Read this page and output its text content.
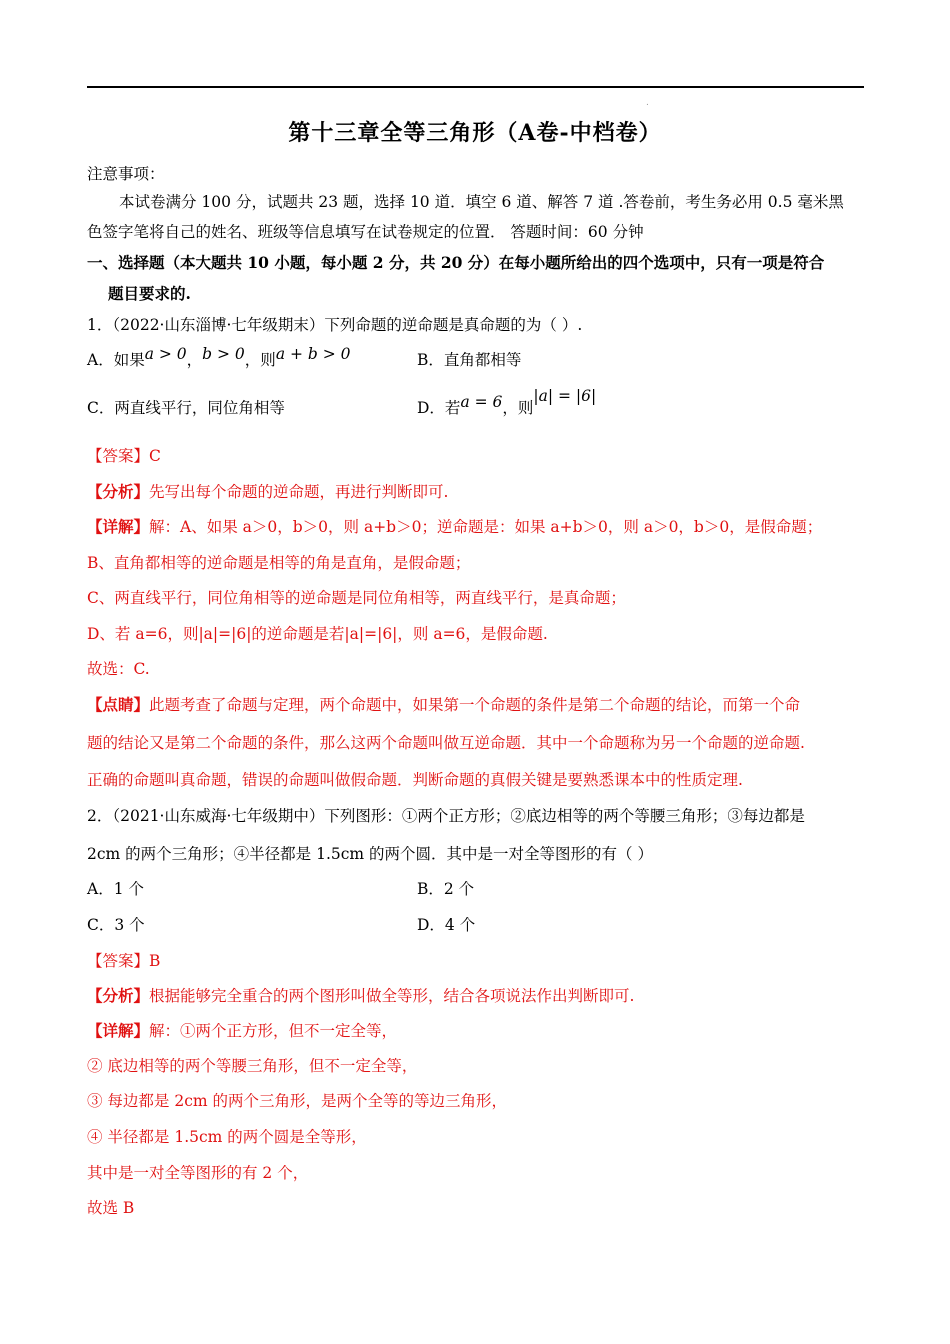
.
第十三章全等三角形（A卷-中档卷）
注意事项：
本试卷满分 100 分，试题共 23 题，选择 10 道．填空 6 道、解答 7 道 .答卷前，考生务必用 0.5 毫米黑
色签字笔将自己的姓名、班级等信息填写在试卷规定的位置． 答题时间：60 分钟
一、选择题（本大题共 10 小题，每小题 2 分，共 20 分）在每小题所给出的四个选项中，只有一项是符合
题目要求的.
1．（2022·山东淄博·七年级期末）下列命题的逆命题是真命题的为（ ）.
A．如果a > 0，b > 0，则a + b > 0	B．直角都相等
C．两直线平行，同位角相等	D．若a = 6，则|a| = |6|
【答案】C
【分析】先写出每个命题的逆命题，再进行判断即可.
【详解】解：A、如果 a＞0，b＞0，则 a+b＞0；逆命题是：如果 a+b＞0，则 a＞0，b＞0，是假命题；
B、直角都相等的逆命题是相等的角是直角，是假命题；
C、两直线平行，同位角相等的逆命题是同位角相等，两直线平行，是真命题；
D、若 a=6，则|a|=|6|的逆命题是若|a|=|6|，则 a=6，是假命题.
故选：C.
【点睛】此题考查了命题与定理，两个命题中，如果第一个命题的条件是第二个命题的结论，而第一个命
题的结论又是第二个命题的条件，那么这两个命题叫做互逆命题．其中一个命题称为另一个命题的逆命题.
正确的命题叫真命题，错误的命题叫做假命题．判断命题的真假关键是要熟悉课本中的性质定理.
2．（2021·山东威海·七年级期中）下列图形：①两个正方形；②底边相等的两个等腰三角形；③每边都是
2cm 的两个三角形；④半径都是 1.5cm 的两个圆．其中是一对全等图形的有（ ）
A．1 个	B．2 个
C．3 个	D．4 个
【答案】B
【分析】根据能够完全重合的两个图形叫做全等形，结合各项说法作出判断即可.
【详解】解：①两个正方形，但不一定全等，
② 底边相等的两个等腰三角形，但不一定全等，
③ 每边都是 2cm 的两个三角形，是两个全等的等边三角形，
④ 半径都是 1.5cm 的两个圆是全等形，
其中是一对全等图形的有 2 个，
故选 B
